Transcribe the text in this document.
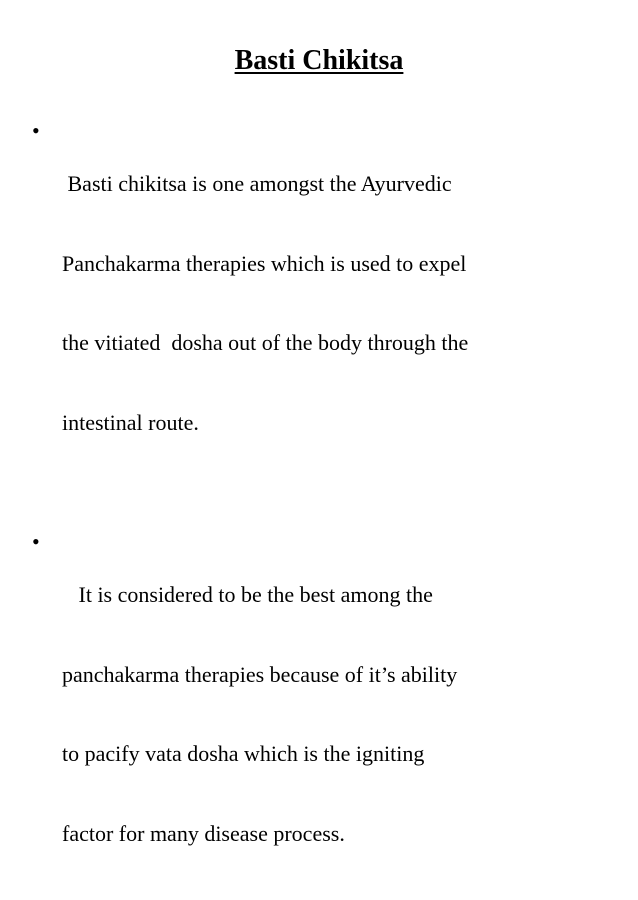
Basti Chikitsa
•

Basti chikitsa is one amongst the Ayurvedic

Panchakarma therapies which is used to expel

the vitiated  dosha out of the body through the

intestinal route.

•

It is considered to be the best among the

panchakarma therapies because of it’s ability

to pacify vata dosha which is the igniting

factor for many disease process.
